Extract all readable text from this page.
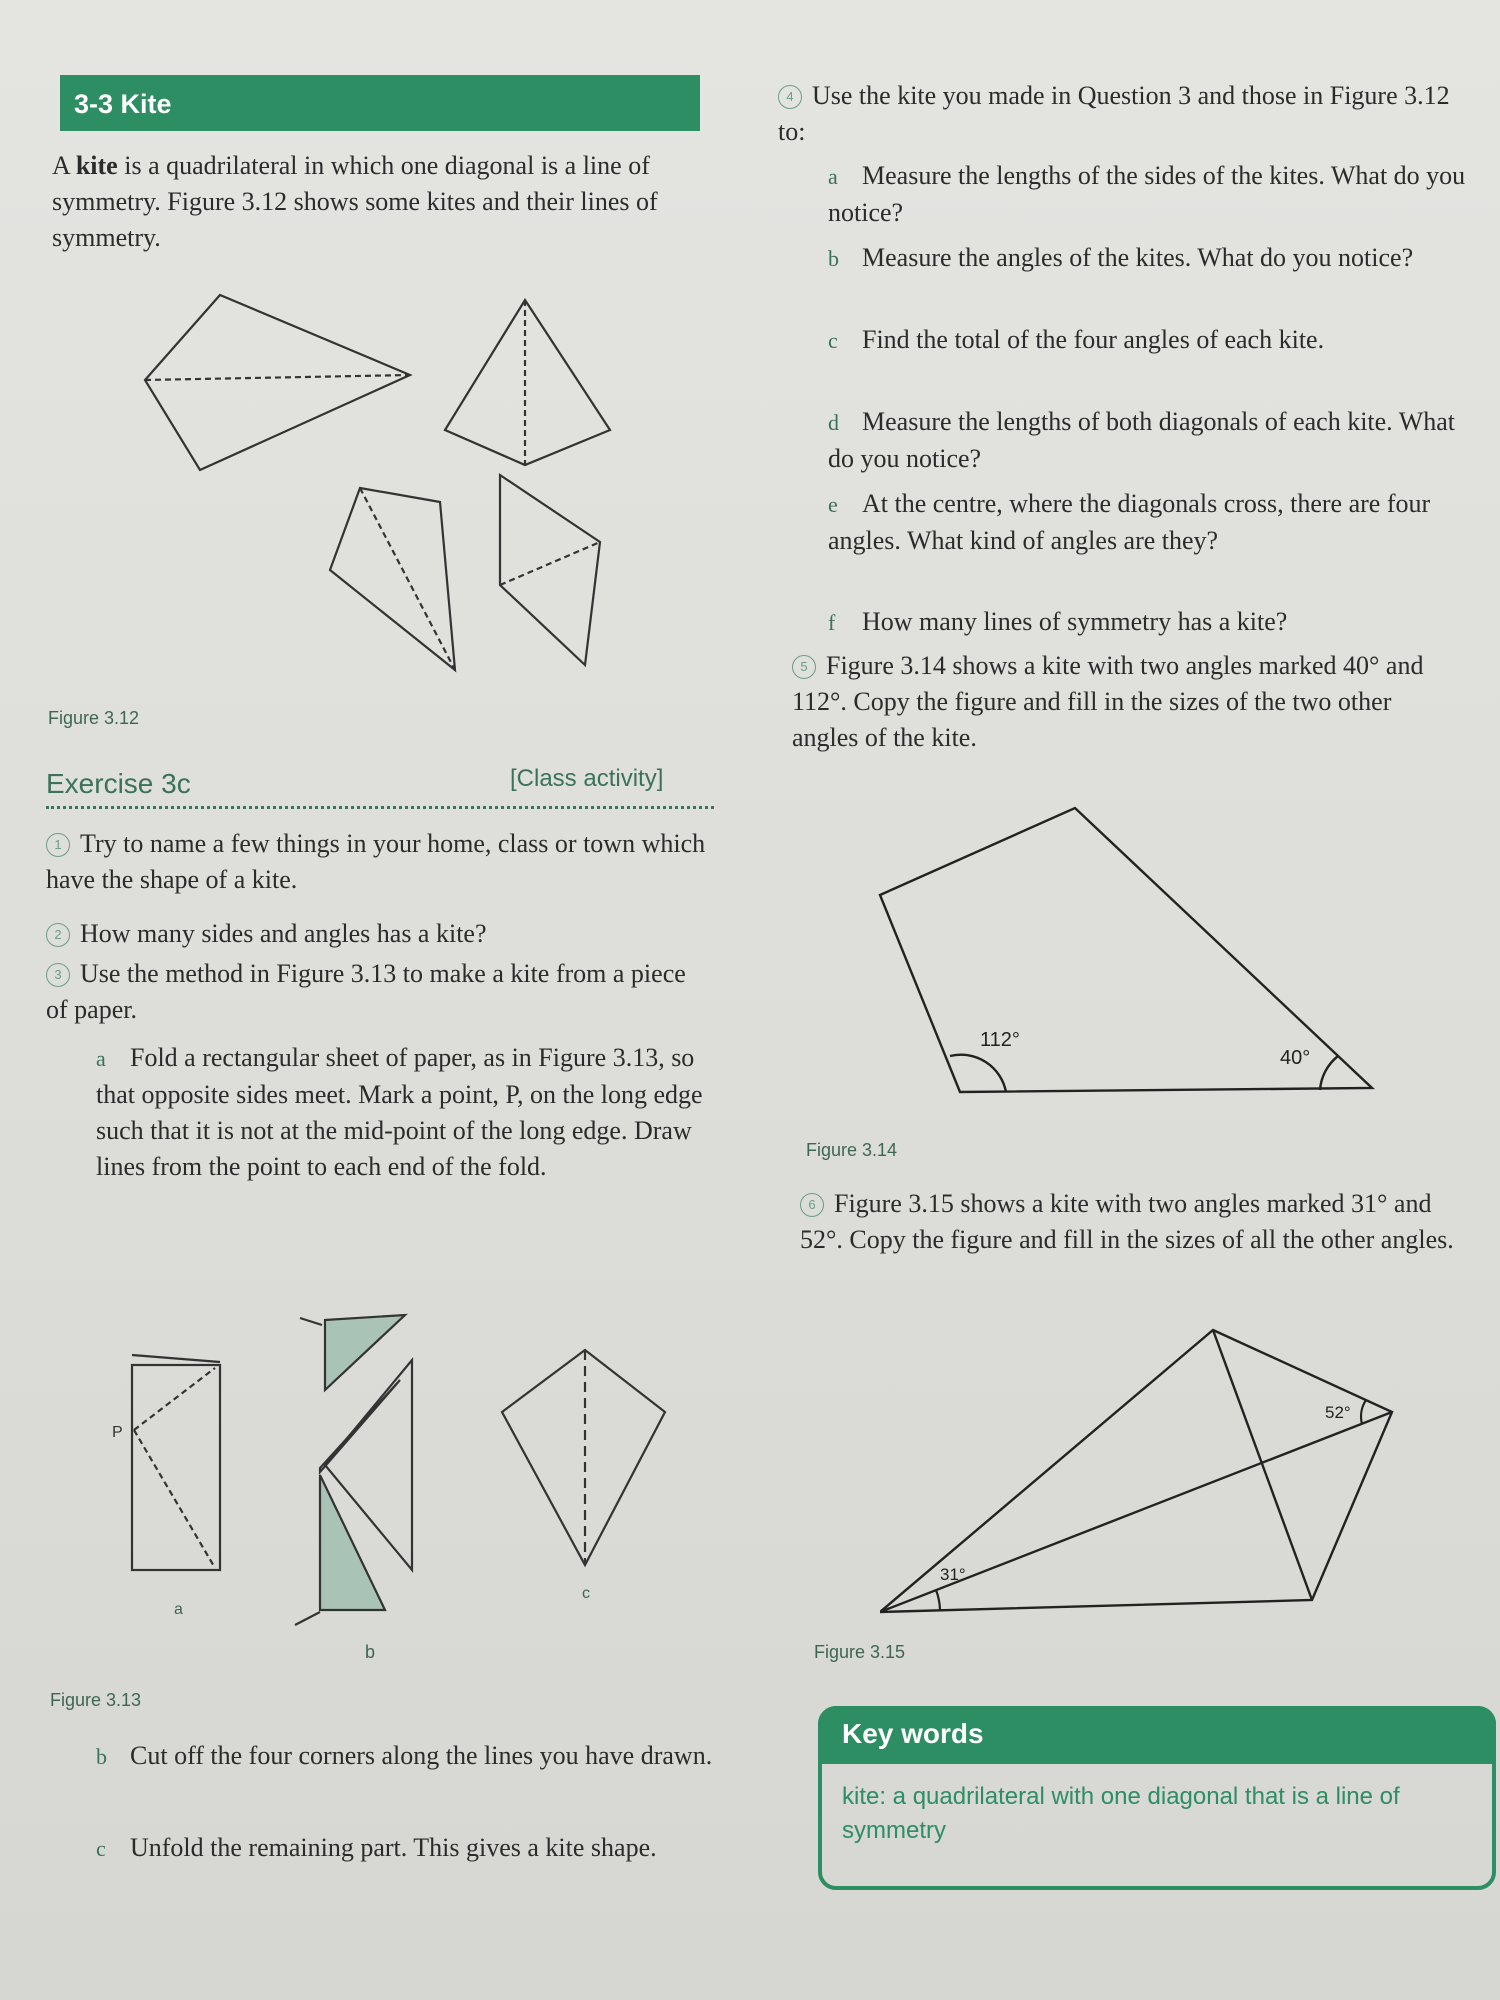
3-3 Kite
A kite is a quadrilateral in which one diagonal is a line of symmetry. Figure 3.12 shows some kites and their lines of symmetry.
Figure 3.12
Exercise 3c	[Class activity]
1 Try to name a few things in your home, class or town which have the shape of a kite.
2 How many sides and angles has a kite?
3 Use the method in Figure 3.13 to make a kite from a piece of paper.
a Fold a rectangular sheet of paper, as in Figure 3.13, so that opposite sides meet. Mark a point, P, on the long edge such that it is not at the mid-point of the long edge. Draw lines from the point to each end of the fold.
P
a
b
c
Figure 3.13
b Cut off the four corners along the lines you have drawn.
c Unfold the remaining part. This gives a kite shape.
4 Use the kite you made in Question 3 and those in Figure 3.12 to:
a Measure the lengths of the sides of the kites. What do you notice?
b Measure the angles of the kites. What do you notice?
c Find the total of the four angles of each kite.
d Measure the lengths of both diagonals of each kite. What do you notice?
e At the centre, where the diagonals cross, there are four angles. What kind of angles are they?
f How many lines of symmetry has a kite?
5 Figure 3.14 shows a kite with two angles marked 40° and 112°. Copy the figure and fill in the sizes of the two other angles of the kite.
112°
40°
Figure 3.14
6 Figure 3.15 shows a kite with two angles marked 31° and 52°. Copy the figure and fill in the sizes of all the other angles.
52°
31°
Figure 3.15
Key words
kite: a quadrilateral with one diagonal that is a line of symmetry
